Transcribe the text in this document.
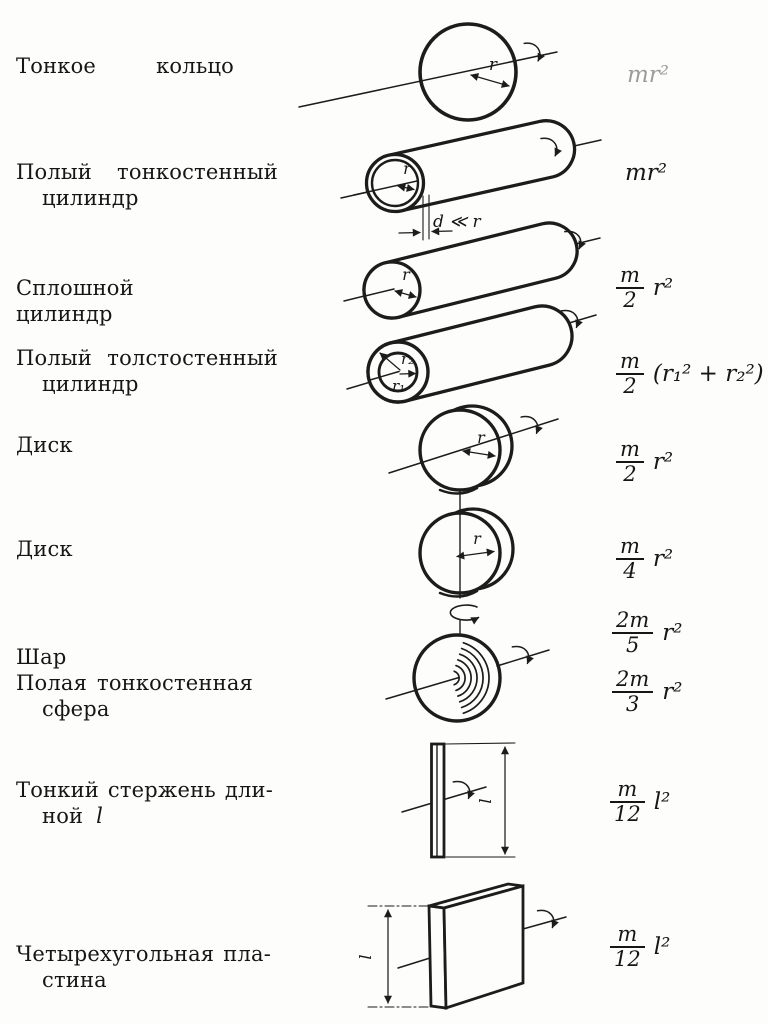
r
r
d ≪ r
r
r₂
r₁
r
r
l
l
Тонкое кольцо
Полый тонкостенный
цилиндр
Сплошной цилиндр
Полый толстостенный
цилиндр
Диск
Диск
Шар
Полая тонкостенная
сфера
Тонкий стержень дли-
ной l
Четырехугольная пла-
стина
mr²
mr²
$\frac{m}{2} r^2$
$\frac{m}{2} (r_1^2 + r_2^2)$
$\frac{m}{2} r^2$
$\frac{m}{4} r^2$
$\frac{2m}{5} r^2$
$\frac{2m}{3} r^2$
$\frac{m}{12} l^2$
$\frac{m}{12} l^2$
